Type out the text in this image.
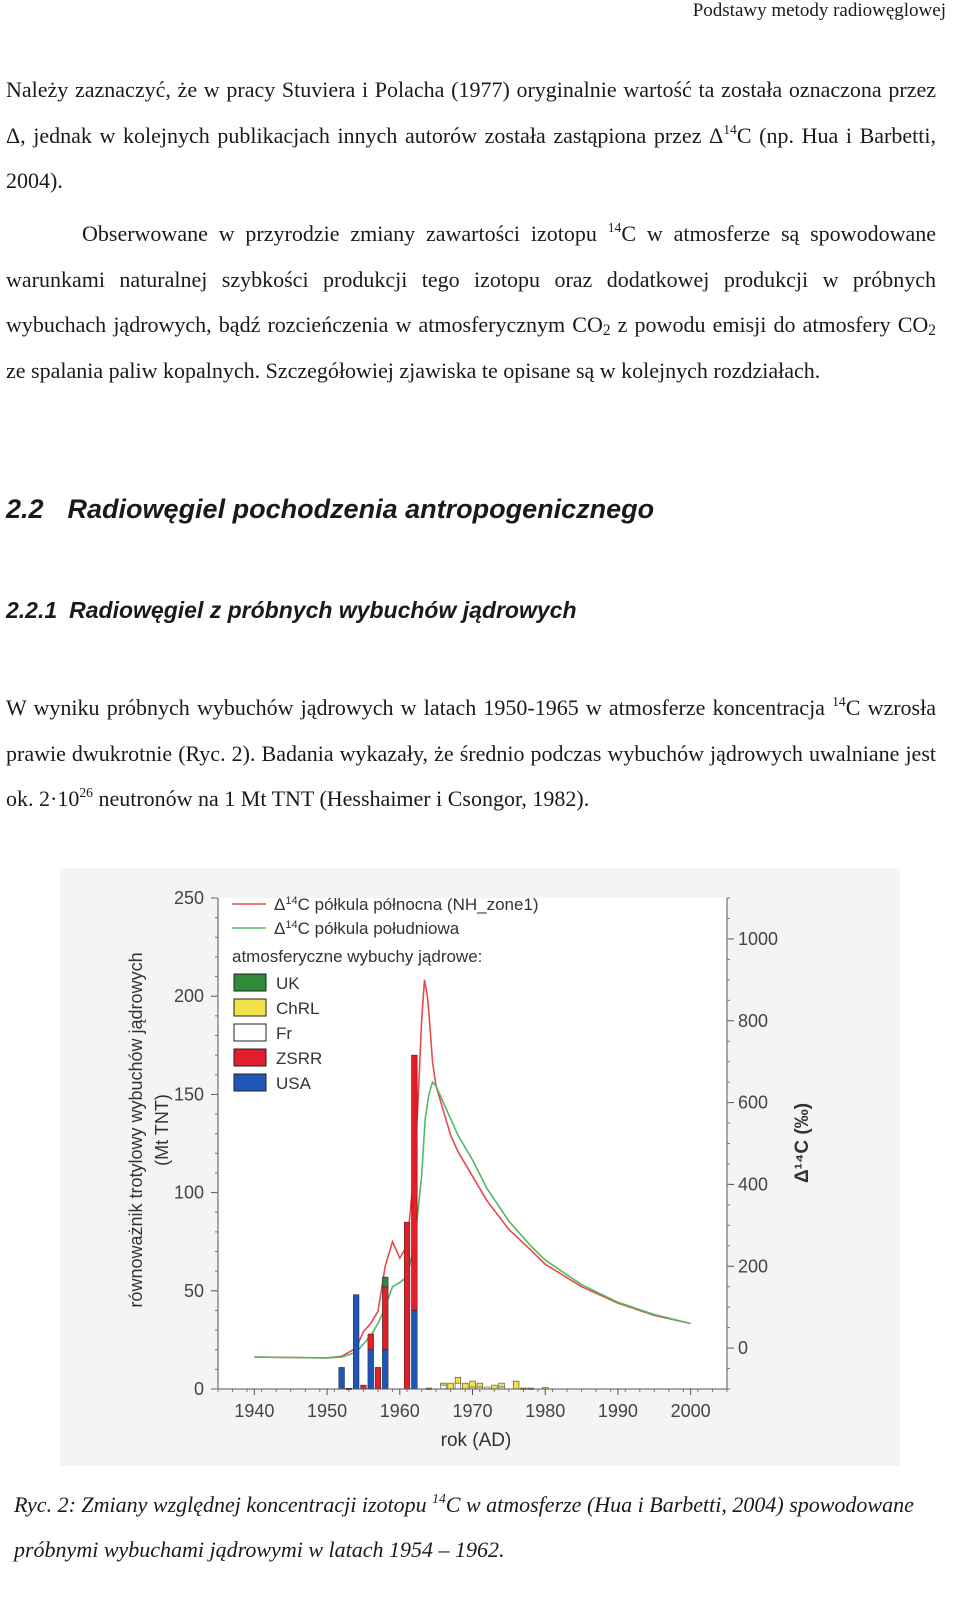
Podstawy metody radiowęglowej
Należy zaznaczyć, że w pracy Stuviera i Polacha (1977) oryginalnie wartość ta została oznaczona przez Δ, jednak w kolejnych publikacjach innych autorów została zastąpiona przez $\Delta^{14}C$ (np. Hua i Barbetti, 2004).
Obserwowane w przyrodzie zmiany zawartości izotopu $^{14}$C w atmosferze są spowodowane warunkami naturalnej szybkości produkcji tego izotopu oraz dodatkowej produkcji w próbnych wybuchach jądrowych, bądź rozcieńczenia w atmosferycznym $CO_2$ z powodu emisji do atmosfery $CO_2$ ze spalania paliw kopalnych. Szczegółowiej zjawiska te opisane są w kolejnych rozdziałach.
2.2 Radiowęgiel pochodzenia antropogenicznego
2.2.1 Radiowęgiel z próbnych wybuchów jądrowych
W wyniku próbnych wybuchów jądrowych w latach 1950-1965 w atmosferze koncentracja $^{14}$C wzrosła prawie dwukrotnie (Ryc. 2). Badania wykazały, że średnio podczas wybuchów jądrowych uwalniane jest ok. $2\cdot 10^{26}$ neutronów na 1 Mt TNT (Hesshaimer i Csongor, 1982).
1940 1950 1960 1970 1980 1990 2000
0
50
100
150
200
250
0
200
400
600
800
1000
$\Delta^{14}C$ półkula północna (NH_zone1)
$\Delta^{14}C$ półkula południowa
atmosferyczne wybuchy jądrowe:
UK
ChRL
Fr
ZSRR
USA
rok (AD)
równoważnik trotylowy wybuchów jądrowych (Mt TNT)	Δ¹⁴C (‰)
Ryc. 2: Zmiany względnej koncentracji izotopu $^{14}$C w atmosferze (Hua i Barbetti, 2004) spowodowane próbnymi wybuchami jądrowymi w latach 1954 – 1962.
